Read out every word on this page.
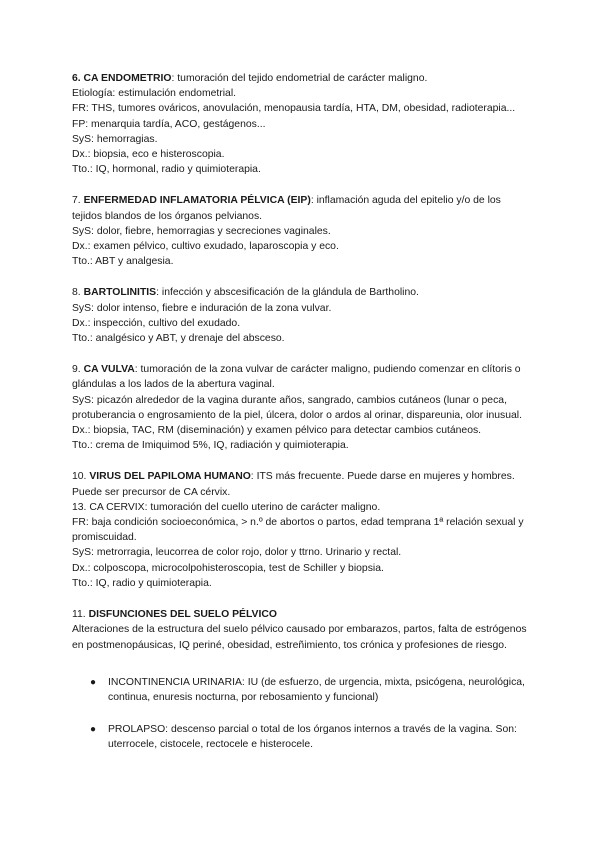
6. CA ENDOMETRIO: tumoración del tejido endometrial de carácter maligno.
Etiología: estimulación endometrial.
FR: THS, tumores ováricos, anovulación, menopausia tardía, HTA, DM, obesidad, radioterapia...
FP: menarquia tardía, ACO, gestágenos...
SyS: hemorragias.
Dx.: biopsia, eco e histeroscopia.
Tto.: IQ, hormonal, radio y quimioterapia.
7. ENFERMEDAD INFLAMATORIA PÉLVICA (EIP): inflamación aguda del epitelio y/o de los tejidos blandos de los órganos pelvianos.
SyS: dolor, fiebre, hemorragias y secreciones vaginales.
Dx.: examen pélvico, cultivo exudado, laparoscopia y eco.
Tto.: ABT y analgesia.
8. BARTOLINITIS: infección y abscesificación de la glándula de Bartholino.
SyS: dolor intenso, fiebre e induración de la zona vulvar.
Dx.: inspección, cultivo del exudado.
Tto.: analgésico y ABT, y drenaje del absceso.
9. CA VULVA: tumoración de la zona vulvar de carácter maligno, pudiendo comenzar en clítoris o glándulas a los lados de la abertura vaginal.
SyS: picazón alrededor de la vagina durante años, sangrado, cambios cutáneos (lunar o peca, protuberancia o engrosamiento de la piel, úlcera, dolor o ardos al orinar, dispareunia, olor inusual.
Dx.: biopsia, TAC, RM (diseminación) y examen pélvico para detectar cambios cutáneos.
Tto.: crema de Imiquimod 5%, IQ, radiación y quimioterapia.
10. VIRUS DEL PAPILOMA HUMANO: ITS más frecuente. Puede darse en mujeres y hombres. Puede ser precursor de CA cérvix.
13. CA CERVIX: tumoración del cuello uterino de carácter maligno.
FR: baja condición socioeconómica, > n.º de abortos o partos, edad temprana 1ª relación sexual y promiscuidad.
SyS: metrorragia, leucorrea de color rojo, dolor y ttrno. Urinario y rectal.
Dx.: colposcopa, microcolpohisteroscopia, test de Schiller y biopsia.
Tto.: IQ, radio y quimioterapia.
11. DISFUNCIONES DEL SUELO PÉLVICO
Alteraciones de la estructura del suelo pélvico causado por embarazos, partos, falta de estrógenos en postmenopáusicas, IQ periné, obesidad, estreñimiento, tos crónica y profesiones de riesgo.
● INCONTINENCIA URINARIA: IU (de esfuerzo, de urgencia, mixta, psicógena, neurológica, continua, enuresis nocturna, por rebosamiento y funcional)
● PROLAPSO: descenso parcial o total de los órganos internos a través de la vagina. Son: uterrocele, cistocele, rectocele e histerocele.
